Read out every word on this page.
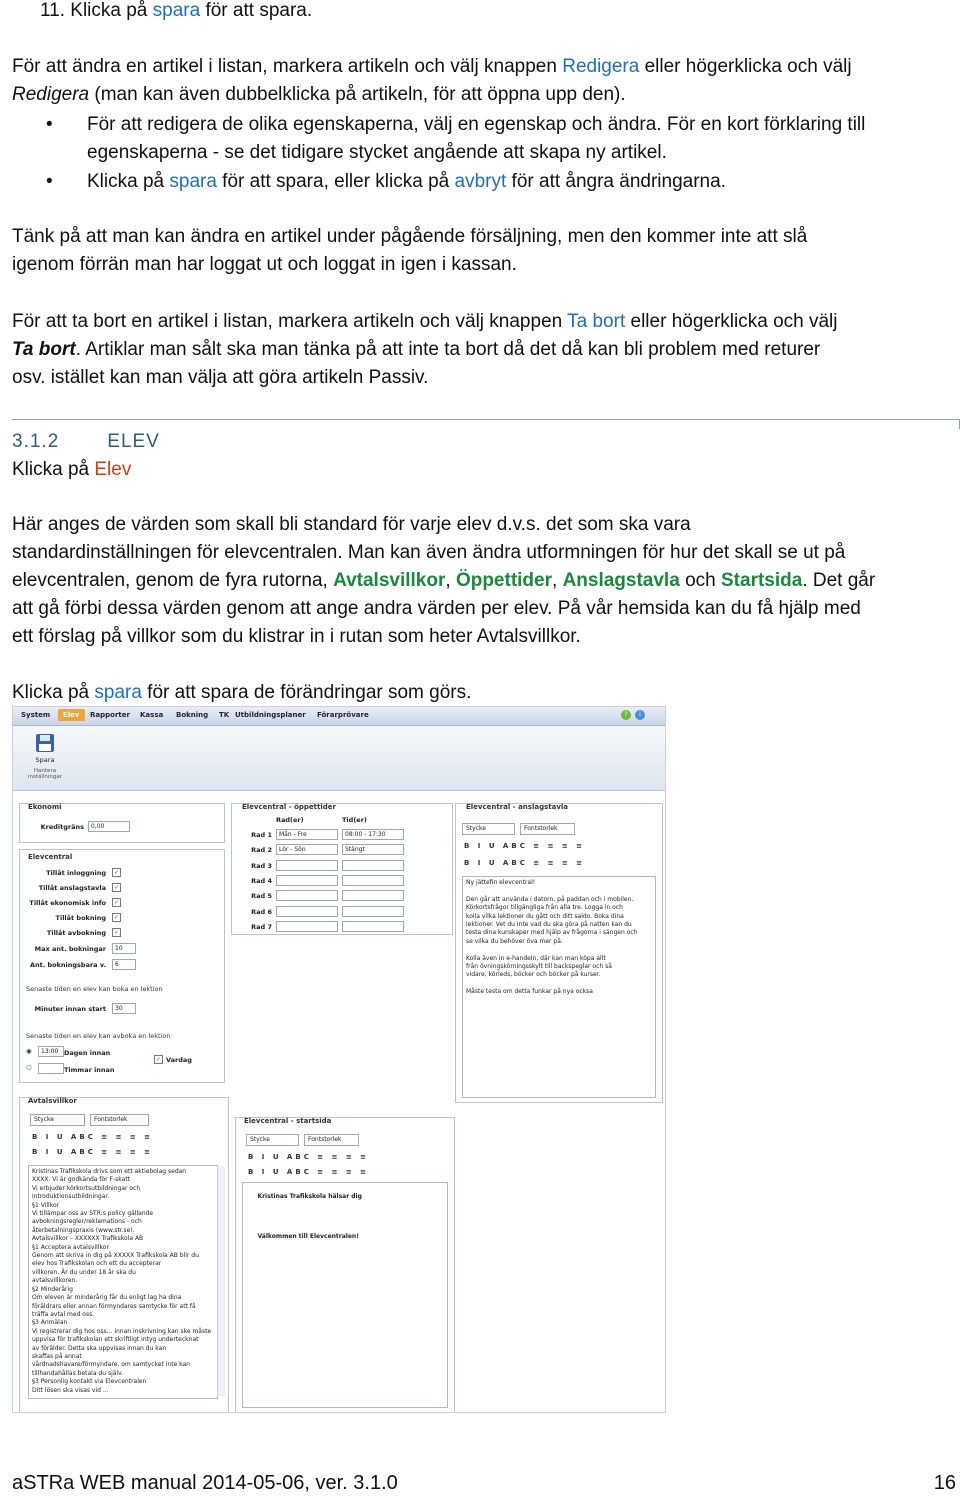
11. Klicka på spara för att spara.

För att ändra en artikel i listan, markera artikeln och välj knappen Redigera eller högerklicka och välj
Redigera (man kan även dubbelklicka på artikeln, för att öppna upp den).

• För att redigera de olika egenskaperna, välj en egenskap och ändra. För en kort förklaring till
egenskaperna - se det tidigare stycket angående att skapa ny artikel.
• Klicka på spara för att spara, eller klicka på avbryt för att ångra ändringarna.

Tänk på att man kan ändra en artikel under pågående försäljning, men den kommer inte att slå
igenom förrän man har loggat ut och loggat in igen i kassan.

För att ta bort en artikel i listan, markera artikeln och välj knappen Ta bort eller högerklicka och välj
Ta bort. Artiklar man sålt ska man tänka på att inte ta bort då det då kan bli problem med returer
osv. istället kan man välja att göra artikeln Passiv.

3.1.2	ELEV

Klicka på Elev

Här anges de värden som skall bli standard för varje elev d.v.s. det som ska vara
standardinställningen för elevcentralen. Man kan även ändra utformningen för hur det skall se ut på
elevcentralen, genom de fyra rutorna, Avtalsvillkor, Öppettider, Anslagstavla och Startsida. Det går
att gå förbi dessa värden genom att ange andra värden per elev. På vår hemsida kan du få hjälp med
ett förslag på villkor som du klistrar in i rutan som heter Avtalsvillkor.

Klicka på spara för att spara de förändringar som görs.

System	Elev	Rapporter Kassa Bokning TK Utbildningsplaner Förarprövare	?	i
Spara
Hantera
inställningar
Ekonomi
Kreditgräns	0,00
Elevcentral
Tillåt inloggning	✓
Tillåt anslagstavla	✓
Tillåt ekonomisk info	✓
Tillåt bokning	✓
Tillåt avbokning	✓
Max ant. bokningar	10
Ant. bokningsbara v.	6
Senaste tiden en elev kan boka en lektion
Minuter innan start	30
Senaste tiden en elev kan avboka en lektion
◉	13:00 Dagen innan
✓ Vardag
○	Timmar innan
Elevcentral - öppettider
Rad(er)	Tid(er)
Rad 1	Mån - Fre	08:00 - 17:30
Rad 2	Lör - Sön	Stängt
Rad 3
Rad 4
Rad 5
Rad 6
Rad 7
Elevcentral - anslagstavla
Stycke	Fontstorlek
B I U ABC ≡ ≡ ≡ ≡
B I U ABC ≡ ≡ ≡ ≡
Ny jättefin elevcentral!

Den går att använda i datorn, på paddan och i mobilen.
Körkortsfrågor tillgängliga från alla tre. Logga in och
kolla vilka lektioner du gått och ditt saldo. Boka dina
lektioner. Vet du inte vad du ska göra på natten kan du
testa dina kunskaper med hjälp av frågorna i sängen och
se vilka du behöver öva mer på.

Kolla även in e-handeln, där kan man köpa allt
från övningskörningsskylt till backspeglar och så
vidare, körleds, böcker och böcker på kurser.

Måste testa om detta funkar på nya ocksa
Avtalsvillkor
Stycke	Fontstorlek
B I U ABC ≡ ≡ ≡ ≡
B I U ABC ≡ ≡ ≡ ≡
Kristinas Trafikskola drivs som ett aktiebolag sedan
XXXX. Vi är godkända för F-skatt
Vi erbjuder körkortsutbildningar och
introduktionsutbildningar.
§1 Villkor
Vi tillämpar oss av STR:s policy gällande
avbokningsregler/reklamations - och
återbetalningspraxis (www.str.se).
Avtalsvillkor – XXXXXX Trafikskola AB
§1 Acceptera avtalsvillkor
Genom att skriva in dig på XXXXX Trafikskola AB blir du
elev hos Trafikskolan och ett du accepterar
villkoren. Är du under 18 år ska du
avtalsvillkoren.
§2 Minderårig
Om eleven är minderårig får du enligt lag ha dina
föräldrars eller annan förmyndares samtycke för att få
träffa avtal med oss.
§3 Anmälan
Vi registrerar dig hos oss... innan inskrivning kan ske måste
uppvisa för trafikskolan ett skriftligt intyg undertecknat
av förälder. Detta ska uppvisas innan du kan
skaffas på annat
vårdnadshavare/förmyndare, om samtycket inte kan
tillhandahållas betala du själv.
§3 Personlig kontakt via Elevcentralen
Ditt lösen ska visas vid ...
Elevcentral - startsida
Stycke	Fontstorlek
B I U ABC ≡ ≡ ≡ ≡
B I U ABC ≡ ≡ ≡ ≡

Kristinas Trafikskola hälsar dig

Välkommen till Elevcentralen!

aSTRa WEB manual 2014-05-06, ver. 3.1.0	16
